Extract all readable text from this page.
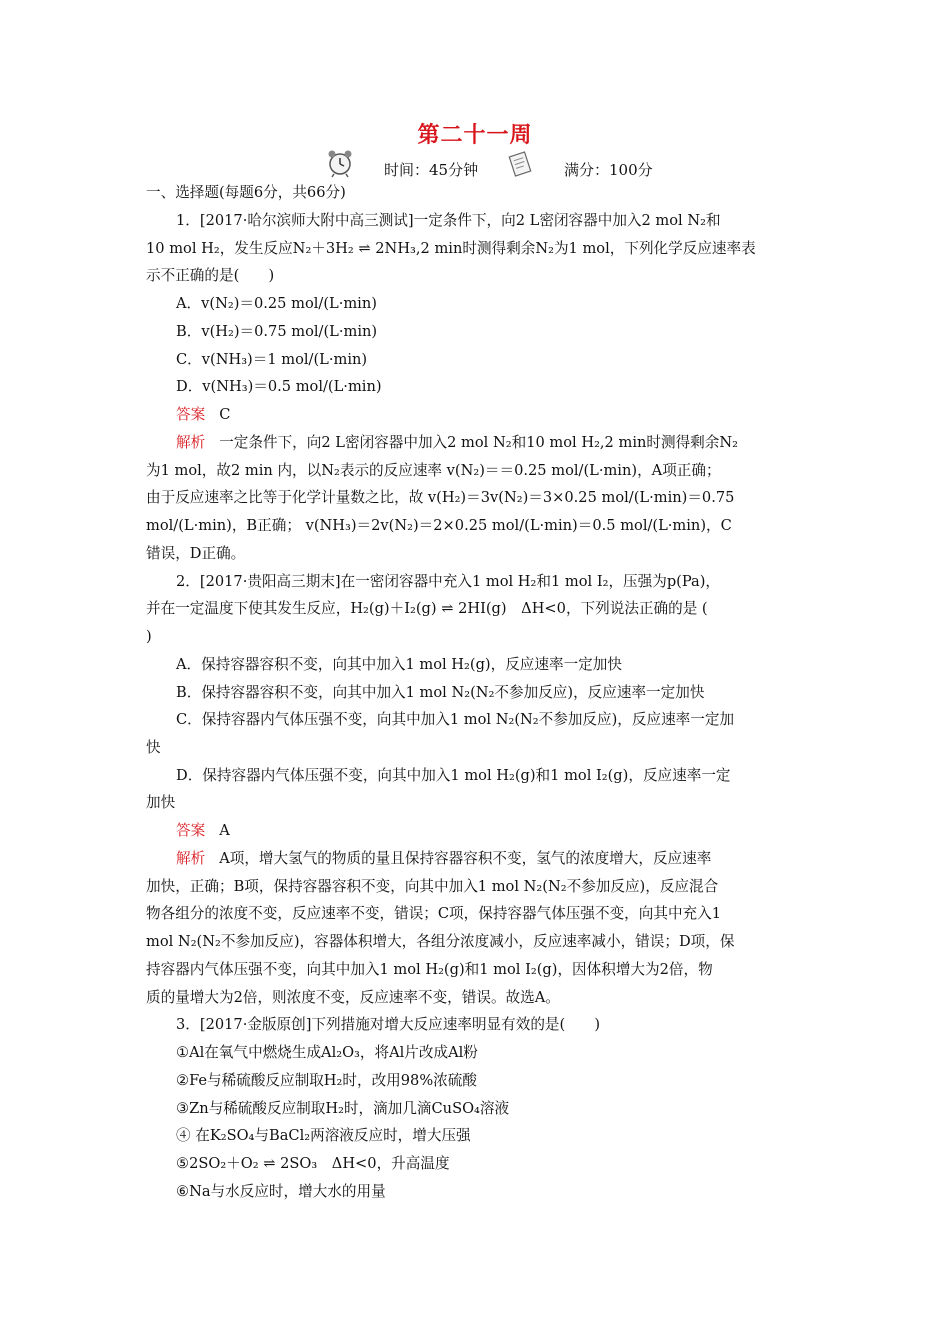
第二十一周
时间：45分钟	满分：100分
一、选择题(每题6分，共66分)
1．[2017·哈尔滨师大附中高三测试]一定条件下，向2 L密闭容器中加入2 mol N₂和
10 mol H₂，发生反应N₂＋3H₂ ⇌ 2NH₃,2 min时测得剩余N₂为1 mol，下列化学反应速率表
示不正确的是(　　)
A．v(N₂)＝0.25 mol/(L·min)
B．v(H₂)＝0.75 mol/(L·min)
C．v(NH₃)＝1 mol/(L·min)
D．v(NH₃)＝0.5 mol/(L·min)
答案 C
解析 一定条件下，向2 L密闭容器中加入2 mol N₂和10 mol H₂,2 min时测得剩余N₂
为1 mol，故2 min 内，以N₂表示的反应速率 v(N₂)＝＝0.25 mol/(L·min)，A项正确；
由于反应速率之比等于化学计量数之比，故 v(H₂)＝3v(N₂)＝3×0.25 mol/(L·min)＝0.75
mol/(L·min)，B正确； v(NH₃)＝2v(N₂)＝2×0.25 mol/(L·min)＝0.5 mol/(L·min)，C
错误，D正确。
2．[2017·贵阳高三期末]在一密闭容器中充入1 mol H₂和1 mol I₂，压强为p(Pa)，
并在一定温度下使其发生反应，H₂(g)＋I₂(g) ⇌ 2HI(g)　ΔH<0，下列说法正确的是 (
)
A．保持容器容积不变，向其中加入1 mol H₂(g)，反应速率一定加快
B．保持容器容积不变，向其中加入1 mol N₂(N₂不参加反应)，反应速率一定加快
C．保持容器内气体压强不变，向其中加入1 mol N₂(N₂不参加反应)，反应速率一定加
快
D．保持容器内气体压强不变，向其中加入1 mol H₂(g)和1 mol I₂(g)，反应速率一定
加快
答案 A
解析 A项，增大氢气的物质的量且保持容器容积不变，氢气的浓度增大，反应速率
加快，正确；B项，保持容器容积不变，向其中加入1 mol N₂(N₂不参加反应)，反应混合
物各组分的浓度不变，反应速率不变，错误；C项，保持容器气体压强不变，向其中充入1
mol N₂(N₂不参加反应)，容器体积增大，各组分浓度减小，反应速率减小，错误；D项，保
持容器内气体压强不变，向其中加入1 mol H₂(g)和1 mol I₂(g)，因体积增大为2倍，物
质的量增大为2倍，则浓度不变，反应速率不变，错误。故选A。
3．[2017·金版原创]下列措施对增大反应速率明显有效的是(　　)
①Al在氧气中燃烧生成Al₂O₃，将Al片改成Al粉
②Fe与稀硫酸反应制取H₂时，改用98%浓硫酸
③Zn与稀硫酸反应制取H₂时，滴加几滴CuSO₄溶液
④ 在K₂SO₄与BaCl₂两溶液反应时，增大压强
⑤2SO₂＋O₂ ⇌ 2SO₃　ΔH<0，升高温度
⑥Na与水反应时，增大水的用量
